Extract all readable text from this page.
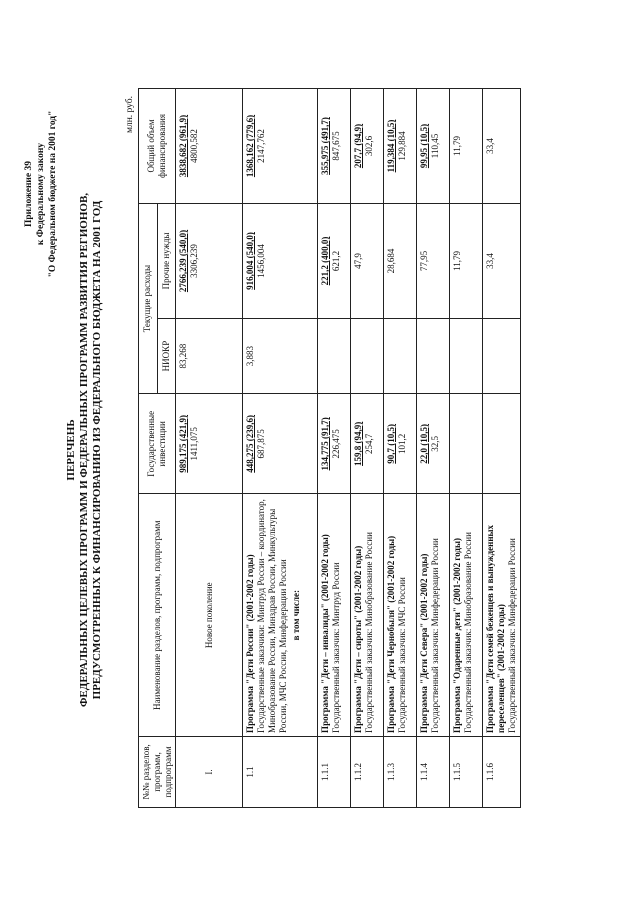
Приложение 39 к Федеральному закону "О Федеральном бюджете на 2001 год"
ПЕРЕЧЕНЬ ФЕДЕРАЛЬНЫХ ЦЕЛЕВЫХ ПРОГРАММ И ФЕДЕРАЛЬНЫХ ПРОГРАММ РАЗВИТИЯ РЕГИОНОВ, ПРЕДУСМОТРЕННЫХ К ФИНАНСИРОВАНИЮ ИЗ ФЕДЕРАЛЬНОГО БЮДЖЕТА НА 2001 ГОД
млн. руб.
№№ разделов, программ, подпрограмм	Наименование разделов, программ, подпрограмм	Государственные инвестиции	Текущие расходы		Общий объем финансирования
			НИОКР	Прочие нужды	
I.	Новое поколение	989,175 (421,9) 1411,075	83,268	2766,239 (540,0) 3306,239	3838,682 (961,9) 4800,582

1.1	Программа "Дети России" (2001-2002 годы) Государственные заказчики: Минтруд России – координатор, Минобразование России, Минздрав России, Минкультуры России, МЧС России, Минфедерации России в том числе:	448,275 (239,6) 687,875	3,883	916,004 (540,0) 1456,004	1368,162 (779,6) 2147,762

1.1.1	Программа "Дети – инвалиды" (2001-2002 годы) Государственный заказчик: Минтруд России	134,775 (91,7) 226,475		221,2 (400,0) 621,2	355,975 (491,7) 847,675

1.1.2	Программа "Дети – сироты" (2001-2002 годы) Государственный заказчик: Минобразование России	159,8 (94,9) 254,7		47,9	207,7 (94,9) 302,6

1.1.3	Программа "Дети Чернобыля" (2001-2002 годы) Государственный заказчик: МЧС России	90,7 (10,5) 101,2		28,684	119,384 (10,5) 129,884

1.1.4	Программа "Дети Севера" (2001-2002 годы) Государственный заказчик: Минфедерации России	22,0 (10,5) 32,5		77,95	99,95 (10,5) 110,45

1.1.5	Программа "Одаренные дети" (2001-2002 годы) Государственный заказчик: Минобразование России			11,79	11,79

1.1.6	Программа "Дети семей беженцев и вынужденных переселенцев" (2001-2002 годы) Государственный заказчик: Минфедерации России			33,4	33,4
